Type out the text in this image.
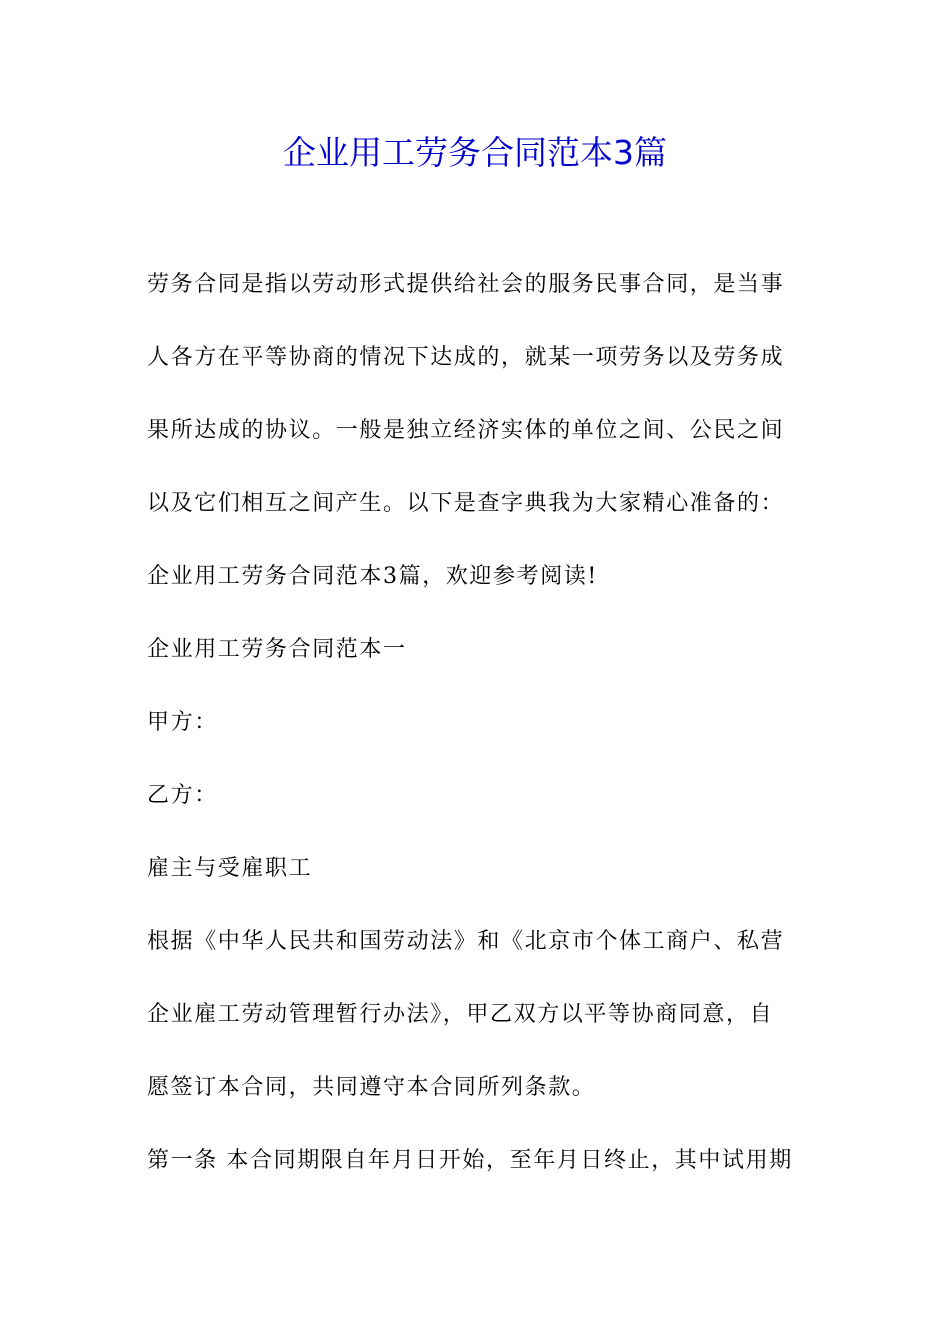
企业用工劳务合同范本3篇
劳务合同是指以劳动形式提供给社会的服务民事合同，是当事
人各方在平等协商的情况下达成的，就某一项劳务以及劳务成
果所达成的协议。一般是独立经济实体的单位之间、公民之间
以及它们相互之间产生。以下是查字典我为大家精心准备的：
企业用工劳务合同范本3篇，欢迎参考阅读!
企业用工劳务合同范本一
甲方：
乙方：
雇主与受雇职工
根据《中华人民共和国劳动法》和《北京市个体工商户、私营
企业雇工劳动管理暂行办法》，甲乙双方以平等协商同意，自
愿签订本合同，共同遵守本合同所列条款。
第一条 本合同期限自年月日开始，至年月日终止，其中试用期
